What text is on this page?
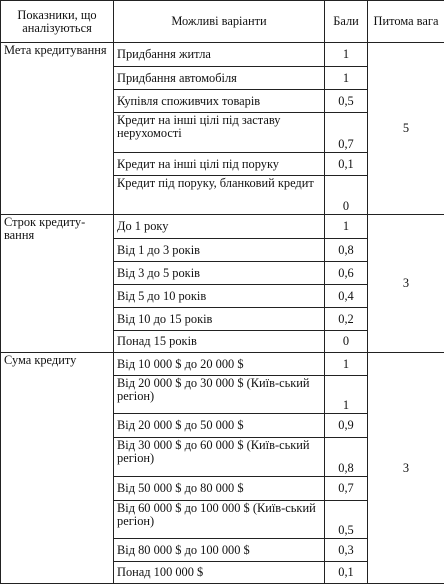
Показники, що аналізуються	Можливі варіанти	Бали	Питома вага
Мета кредитування	Придбання житла	1	5
	Придбання автомобіля	1	
	Купівля споживчих товарів	0,5	
	Кредит на інші цілі під заставу нерухомості	0,7	
	Кредит на інші цілі під поруку	0,1	
	Кредит під поруку, бланковий кредит	0	
Строк кредиту-вання	До 1 року	1	3
	Від 1 до 3 років	0,8	
	Від 3 до 5 років	0,6	
	Від 5 до 10 років	0,4	
	Від 10 до 15 років	0,2	
	Понад 15 років	0	
Сума кредиту	Від 10 000 $ до 20 000 $	1	3
	Від 20 000 $ до 30 000 $ (Київ-ський регіон)	1	
	Від 20 000 $ до 50 000 $	0,9	
	Від 30 000 $ до 60 000 $ (Київ-ський регіон)	0,8	
	Від 50 000 $ до 80 000 $	0,7	
	Від 60 000 $ до 100 000 $ (Київ-ський регіон)	0,5	
	Від 80 000 $ до 100 000 $	0,3	
	Понад 100 000 $	0,1	
